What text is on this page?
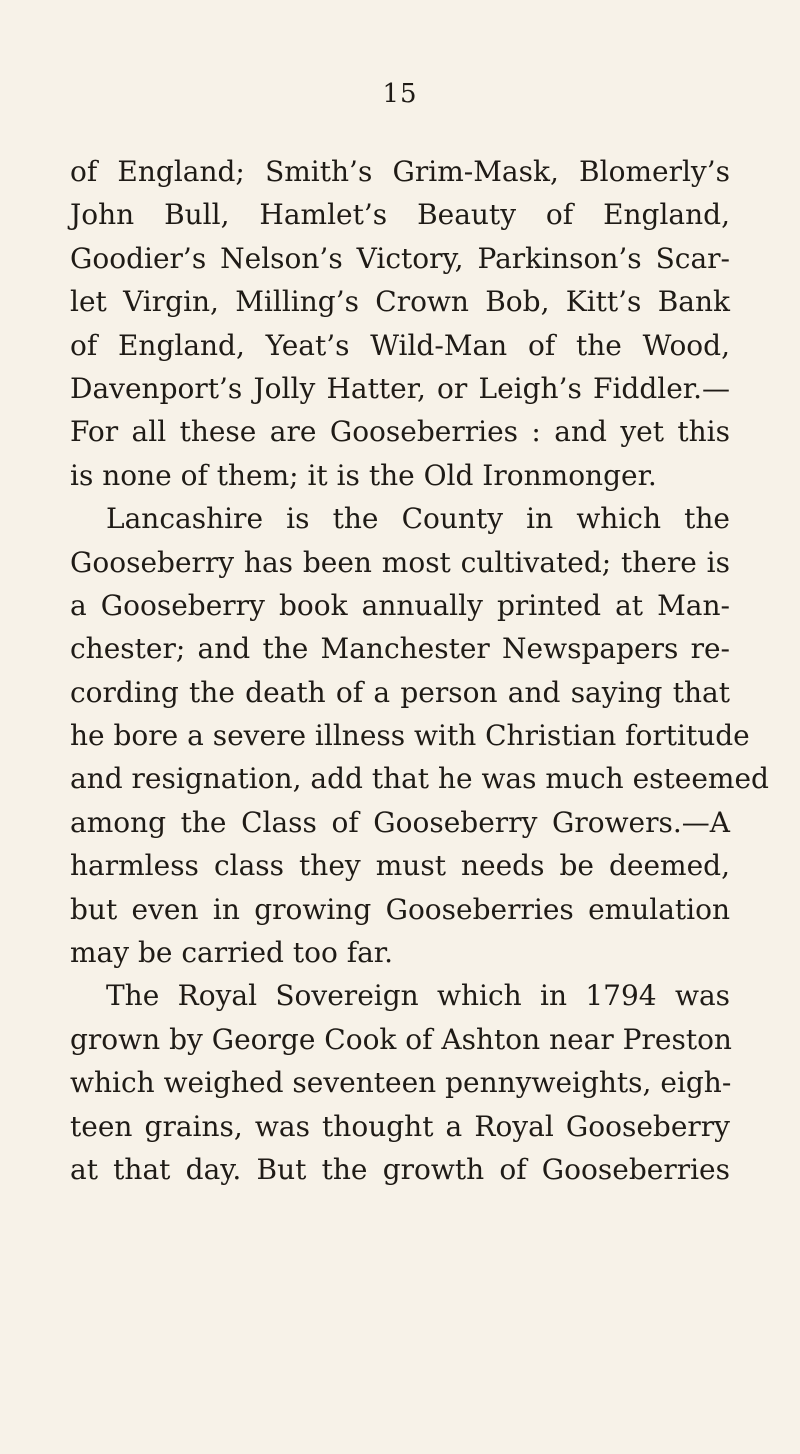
15
of England; Smith’s Grim-Mask, Blomerly’s
John Bull, Hamlet’s Beauty of England,
Goodier’s Nelson’s Victory, Parkinson’s Scar-
let Virgin, Milling’s Crown Bob, Kitt’s Bank
of England, Yeat’s Wild-Man of the Wood,
Davenport’s Jolly Hatter, or Leigh’s Fiddler.—
For all these are Gooseberries : and yet this
is none of them; it is the Old Ironmonger.
Lancashire is the County in which the
Gooseberry has been most cultivated; there is
a Gooseberry book annually printed at Man-
chester; and the Manchester Newspapers re-
cording the death of a person and saying that
he bore a severe illness with Christian fortitude
and resignation, add that he was much esteemed
among the Class of Gooseberry Growers.—A
harmless class they must needs be deemed,
but even in growing Gooseberries emulation
may be carried too far.
The Royal Sovereign which in 1794 was
grown by George Cook of Ashton near Preston
which weighed seventeen pennyweights, eigh-
teen grains, was thought a Royal Gooseberry
at that day. But the growth of Gooseberries
